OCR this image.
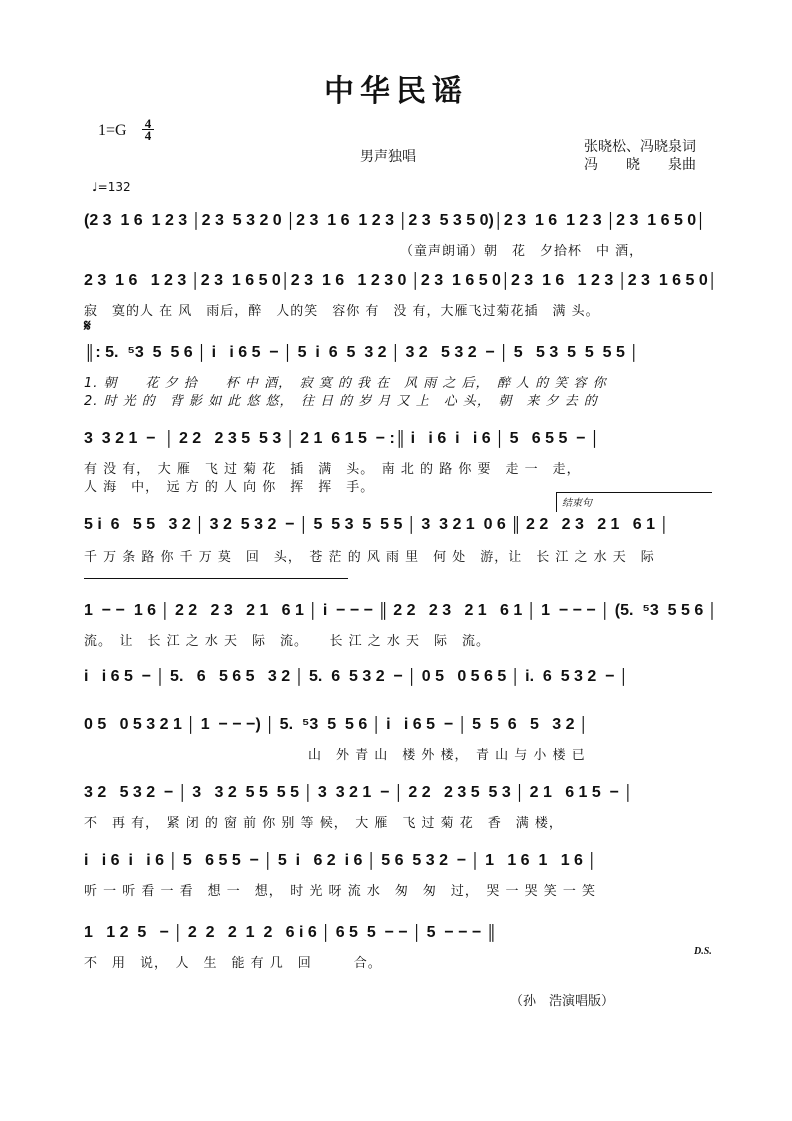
中华民谣
1=G 4
4
男声独唱
张晓松、冯晓泉词
冯　　晓　　泉曲
♩=132
(2 3  1 6  1 2 3 │2 3  5 3 2 0 │2 3  1 6  1 2 3 │2 3  5 3 5 0)│2 3  1 6  1 2 3 │2 3  1 6 5 0│
（童声朗诵）朝　花　夕拾杯　中 酒，
2 3  1 6   1 2 3 │2 3  1 6 5 0│2 3  1 6   1 2 3 0 │2 3  1 6 5 0│2 3  1 6   1 2 3 │2 3  1 6 5 0│
寂　寞的人 在 风　雨后，醉　人的笑　容你 有　没 有，大雁飞过菊花插　满 头。
𝄋
║: 5.  ⁵3  5  5 6 │ i   i 6 5  − │ 5  i  6  5  3 2 │ 3 2   5 3 2  − │ 5   5 3  5  5  5 5 │
1. 朝　　花 夕 拾　　杯 中 酒，　寂 寞 的 我 在　风 雨 之 后，　醉 人 的 笑 容 你
2. 时 光 的　背 影 如 此 悠 悠，　往 日 的 岁 月 又 上　心 头，　朝　来 夕 去 的
3  3 2 1  −  │ 2 2   2 3 5  5 3 │ 2 1  6 1 5  − :║ i   i 6  i   i 6 │ 5   6 5 5  − │
有 没 有，　大 雁　飞 过 菊 花　插　满　头。　南 北 的 路 你 要　走 一　走，
人 海　中，　远 方 的 人 向 你　挥　挥　手。
结束句
5 i  6   5 5   3 2 │ 3 2  5 3 2  − │ 5  5 3  5  5 5 │ 3  3 2 1  0 6 ║ 2 2   2 3   2 1   6 1 │
千 万 条 路 你 千 万 莫　回　头，　苍 茫 的 风 雨 里　何 处　游，让　长 江 之 水 天　际
1  − −  1 6 │ 2 2   2 3   2 1   6 1 │ i  − − − ║ 2 2   2 3   2 1   6 1 │ 1  − − − │ (5.  ⁵3  5 5 6 │
流。　让　长 江 之 水 天　际　流。　　长 江 之 水 天　际　流。
i   i 6 5  − │ 5.   6   5 6 5   3 2 │ 5.  6  5 3 2  − │ 0 5   0 5 6 5 │ i.  6  5 3 2  − │
0 5   0 5 3 2 1 │ 1  − − −) │ 5.  ⁵3  5  5 6 │ i   i 6 5  − │ 5  5  6   5   3 2 │
　　　　　　　　　　　　　　　　山　外 青 山　楼 外 楼，　青 山 与 小 楼 已
3 2   5 3 2  − │ 3   3 2  5 5  5 5 │ 3  3 2 1  − │ 2 2   2 3 5  5 3 │ 2 1   6 1 5  − │
不　再 有，　紧 闭 的 窗 前 你 别 等 候，　大 雁　飞 过 菊 花　香　满 楼，
i   i 6  i   i 6 │ 5   6 5 5  − │ 5  i   6 2  i 6 │ 5 6  5 3 2  − │ 1   1 6  1   1 6 │
听 一 听 看 一 看　想 一　想，　时 光 呀 流 水　匆　匆　过，　哭 一 哭 笑 一 笑
1   1 2  5   − │ 2  2   2  1  2   6 i 6 │ 6 5  5  − − │ 5  − − − ║
不　用　说，　人　生　能 有 几　回　　　合。
D.S.
（孙　浩演唱版）
